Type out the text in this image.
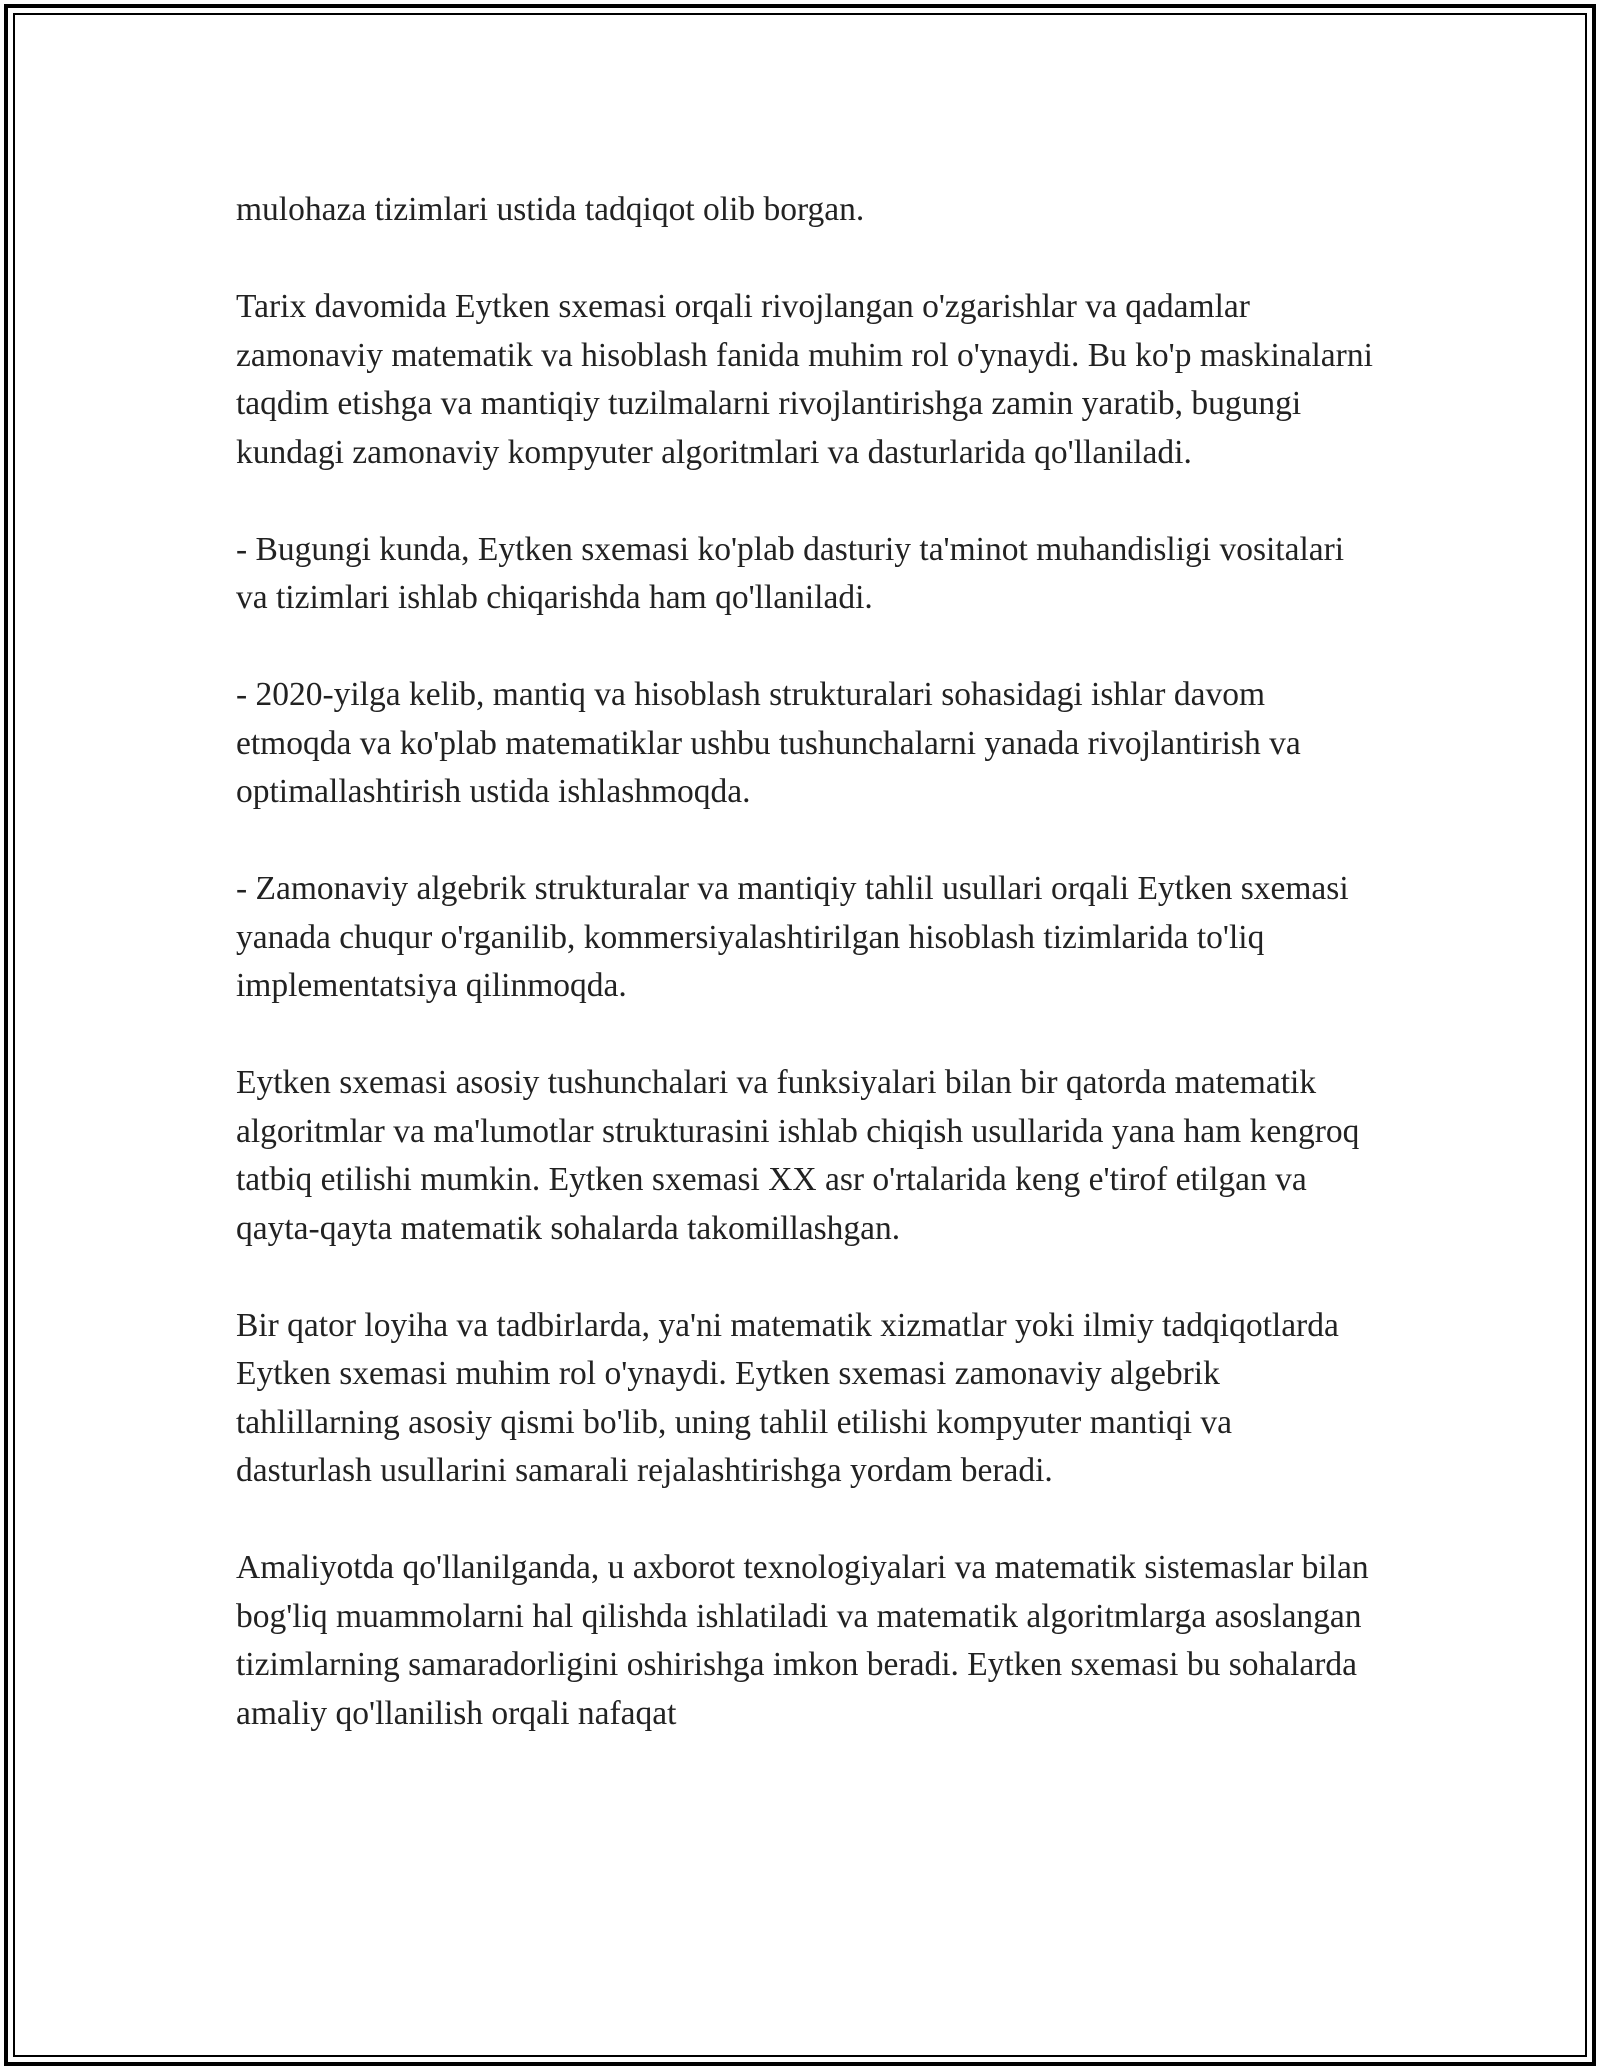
mulohaza tizimlari ustida tadqiqot olib borgan.

Tarix davomida Eytken sxemasi orqali rivojlangan o'zgarishlar va qadamlar zamonaviy matematik va hisoblash fanida muhim rol o'ynaydi. Bu ko'p maskinalarni taqdim etishga va mantiqiy tuzilmalarni rivojlantirishga zamin yaratib, bugungi kundagi zamonaviy kompyuter algoritmlari va dasturlarida qo'llaniladi.

- Bugungi kunda, Eytken sxemasi ko'plab dasturiy ta'minot muhandisligi vositalari va tizimlari ishlab chiqarishda ham qo'llaniladi.

- 2020-yilga kelib, mantiq va hisoblash strukturalari sohasidagi ishlar davom etmoqda va ko'plab matematiklar ushbu tushunchalarni yanada rivojlantirish va optimallashtirish ustida ishlashmoqda.

- Zamonaviy algebrik strukturalar va mantiqiy tahlil usullari orqali Eytken sxemasi yanada chuqur o'rganilib, kommersiyalashtirilgan hisoblash tizimlarida to'liq implementatsiya qilinmoqda.

Eytken sxemasi asosiy tushunchalari va funksiyalari bilan bir qatorda matematik algoritmlar va ma'lumotlar strukturasini ishlab chiqish usullarida yana ham kengroq tatbiq etilishi mumkin. Eytken sxemasi XX asr o'rtalarida keng e'tirof etilgan va qayta-qayta matematik sohalarda takomillashgan.

Bir qator loyiha va tadbirlarda, ya'ni matematik xizmatlar yoki ilmiy tadqiqotlarda Eytken sxemasi muhim rol o'ynaydi. Eytken sxemasi zamonaviy algebrik tahlillarning asosiy qismi bo'lib, uning tahlil etilishi kompyuter mantiqi va dasturlash usullarini samarali rejalashtirishga yordam beradi.

Amaliyotda qo'llanilganda, u axborot texnologiyalari va matematik sistemaslar bilan bog'liq muammolarni hal qilishda ishlatiladi va matematik algoritmlarga asoslangan tizimlarning samaradorligini oshirishga imkon beradi. Eytken sxemasi bu sohalarda amaliy qo'llanilish orqali nafaqat
